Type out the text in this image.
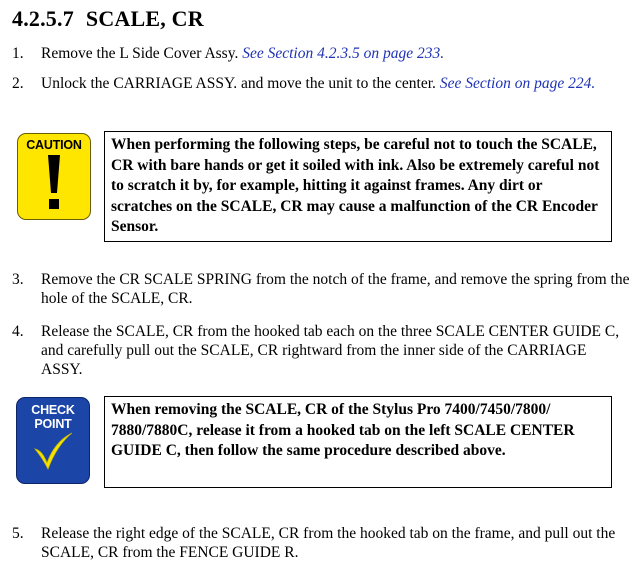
4.2.5.7 SCALE, CR
1. Remove the L Side Cover Assy. See Section 4.2.3.5 on page 233.
2. Unlock the CARRIAGE ASSY. and move the unit to the center. See Section on page 224.
CAUTION	When performing the following steps, be careful not to touch the SCALE, CR with bare hands or get it soiled with ink. Also be extremely careful not to scratch it by, for example, hitting it against frames. Any dirt or scratches on the SCALE, CR may cause a malfunction of the CR Encoder Sensor.
3. Remove the CR SCALE SPRING from the notch of the frame, and remove the spring from the hole of the SCALE, CR.
4. Release the SCALE, CR from the hooked tab each on the three SCALE CENTER GUIDE C, and carefully pull out the SCALE, CR rightward from the inner side of the CARRIAGE ASSY.
CHECK POINT
When removing the SCALE, CR of the Stylus Pro 7400/7450/7800/ 7880/7880C, release it from a hooked tab on the left SCALE CENTER GUIDE C, then follow the same procedure described above.
5. Release the right edge of the SCALE, CR from the hooked tab on the frame, and pull out the SCALE, CR from the FENCE GUIDE R.
